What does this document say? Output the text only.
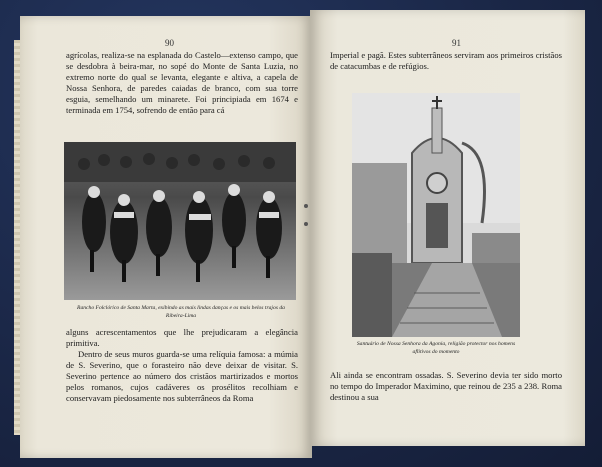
90

agrícolas, realiza-se na esplanada do Castelo—extenso campo, que se desdobra à beira-mar, no sopé do Monte de Santa Luzia, no extremo norte do qual se levanta, elegante e altiva, a capela de Nossa Senhora, de paredes caiadas de branco, com sua torre esguia, semelhando um minarete. Foi principiada em 1674 e terminada em 1754, sofrendo de então para cá

Rancho Folclórico de Santa Marta, exibindo as mais lindas danças e os mais belos trajos da Ribeira-Lima

alguns acrescentamentos que lhe prejudicaram a elegância primitiva.

Dentro de seus muros guarda-se uma relíquia famosa: a múmia de S. Severino, que o forasteiro não deve deixar de visitar. S. Severino pertence ao número dos cristãos martirizados e mortos pelos romanos, cujos cadáveres os prosélitos recolhiam e conservavam piedosamente nos subterrâneos da Roma

91

Imperial e pagã. Estes subterrâneos serviram aos primeiros cristãos de catacumbas e de refúgios.

Santuário de Nossa Senhora da Agonia, religião protector nos homens aflitivos do momento

Ali ainda se encontram ossadas. S. Severino devia ter sido morto no tempo do Imperador Maximino, que reinou de 235 a 238. Roma destinou a sua
